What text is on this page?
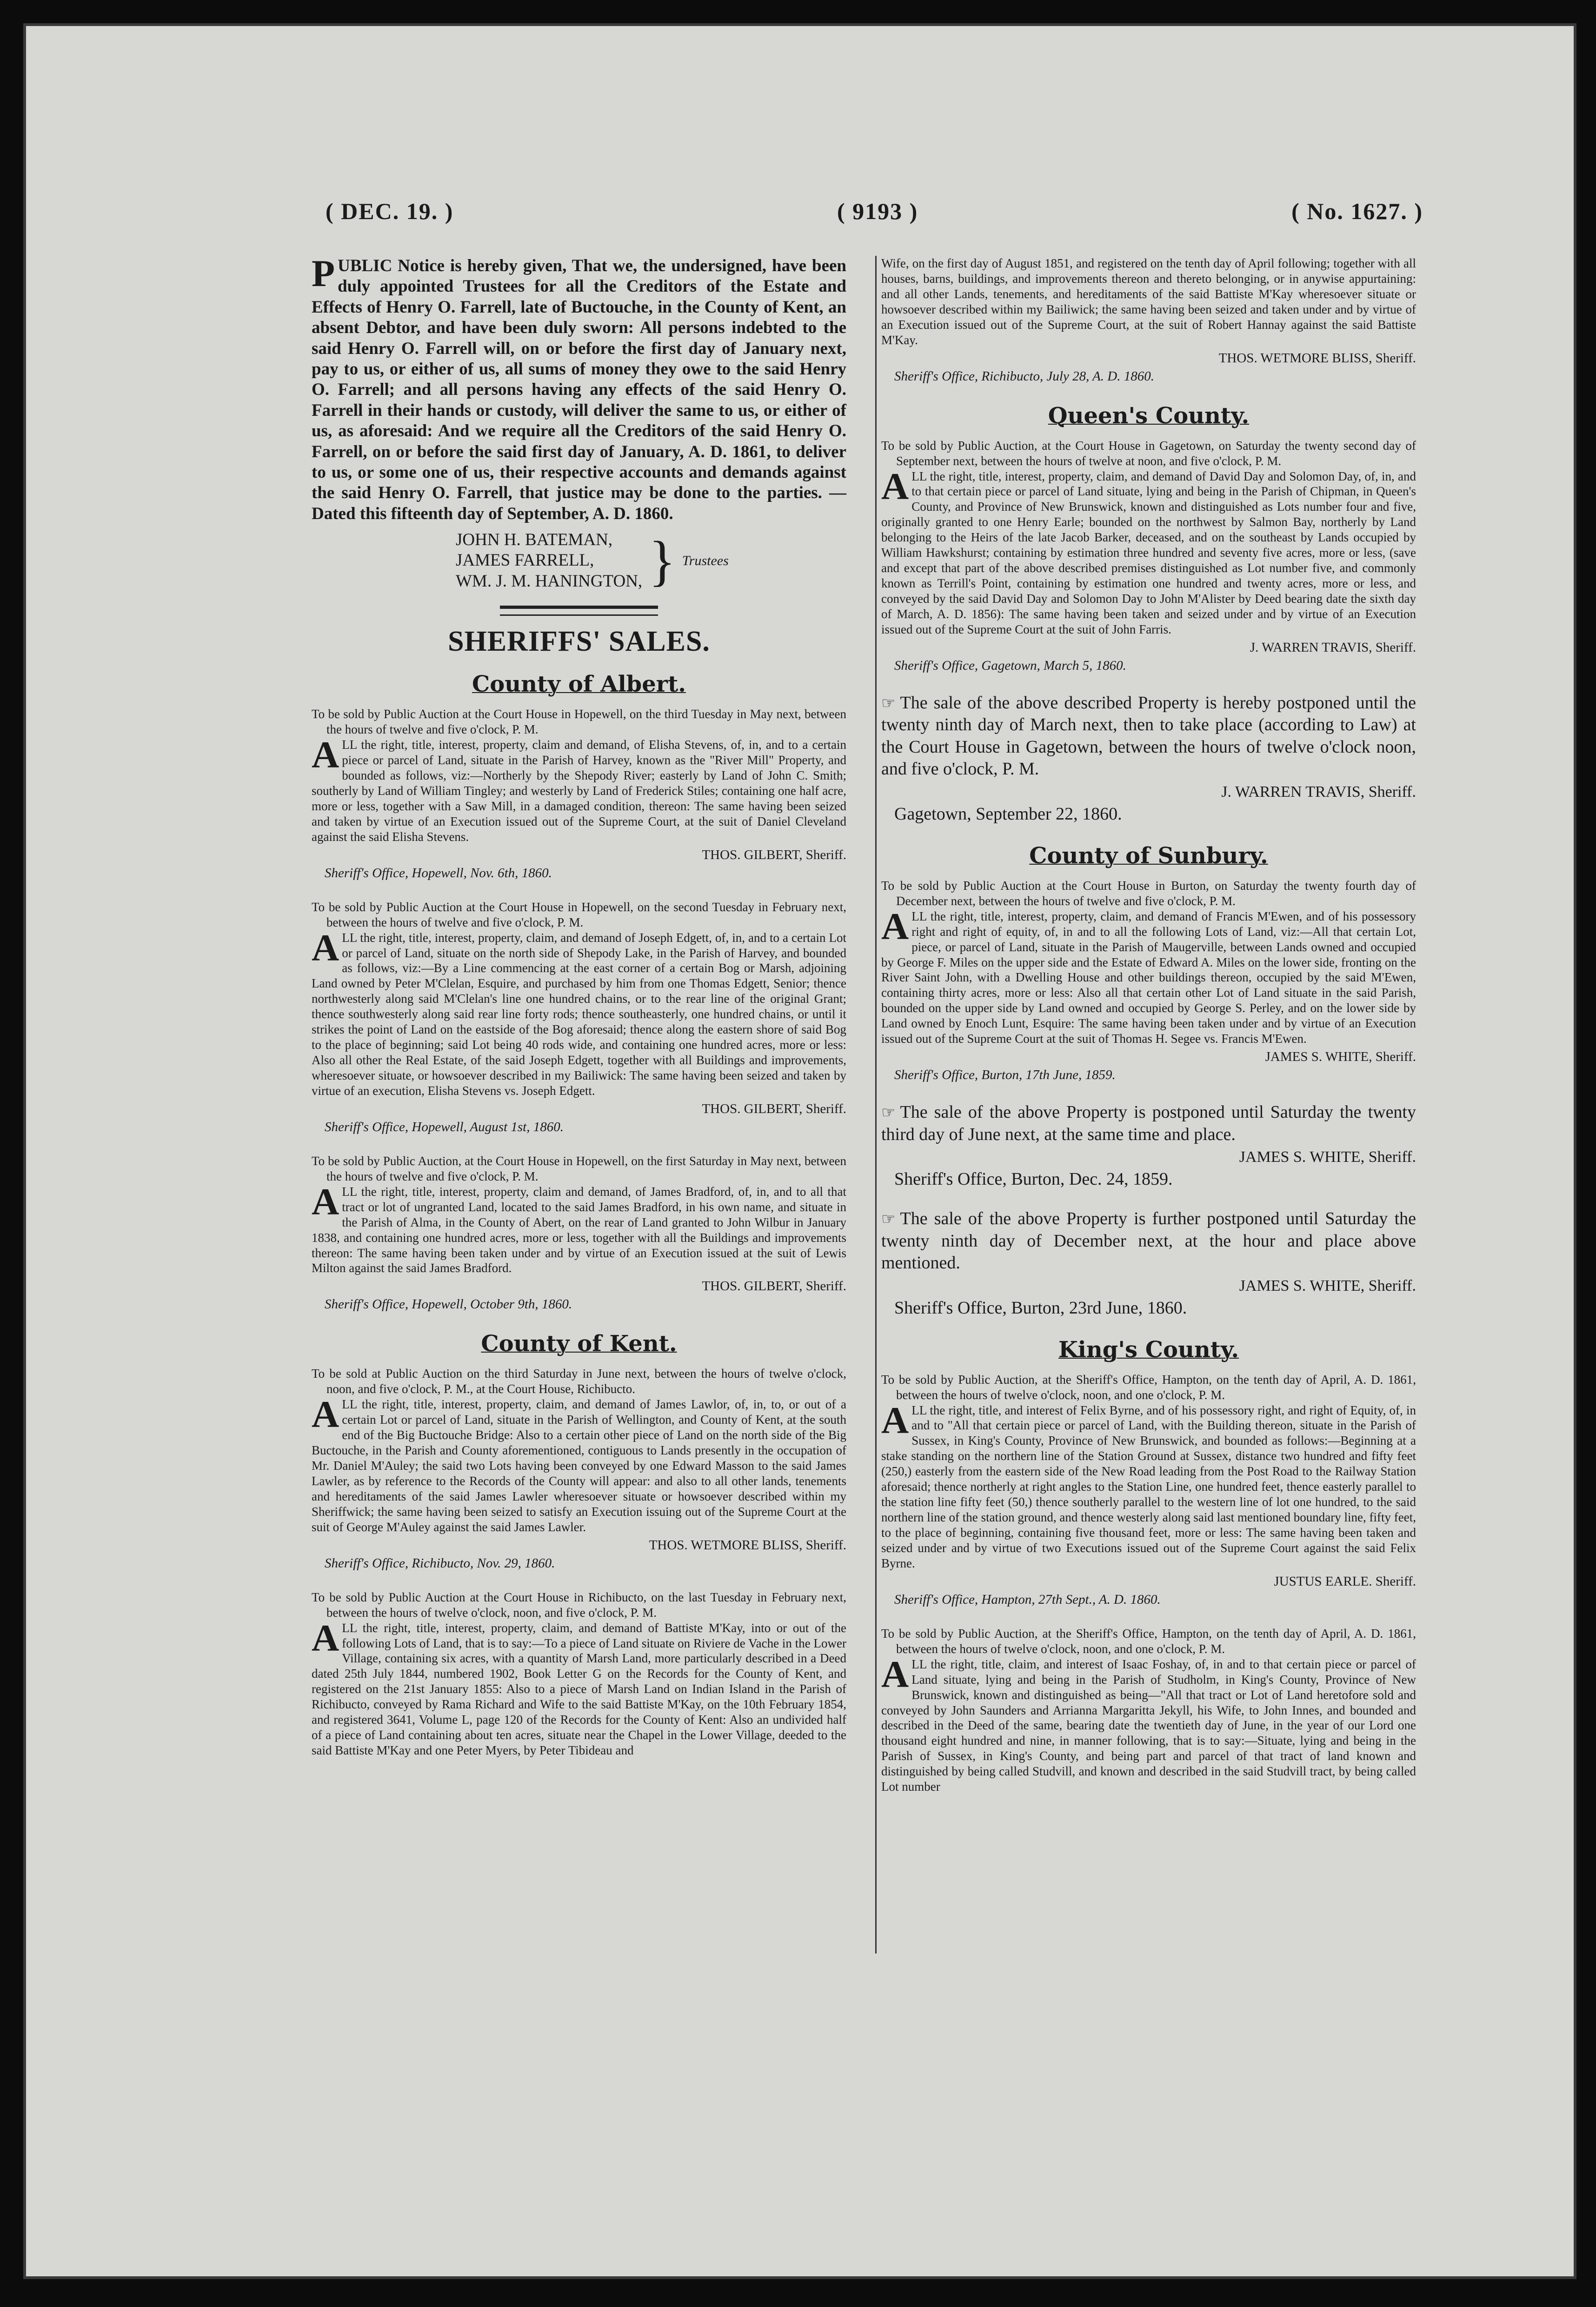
( DEC. 19. )	( 9193 )	( No. 1627. )

P UBLIC Notice is hereby given, That we, the undersigned, have been duly appointed Trustees for all the Creditors of the Estate and Effects of Henry O. Farrell, late of Buctouche, in the County of Kent, an absent Debtor, and have been duly sworn: All persons indebted to the said Henry O. Farrell will, on or before the first day of January next, pay to us, or either of us, all sums of money they owe to the said Henry O. Farrell; and all persons having any effects of the said Henry O. Farrell in their hands or custody, will deliver the same to us, or either of us, as aforesaid: And we require all the Creditors of the said Henry O. Farrell, on or before the said first day of January, A. D. 1861, to deliver to us, or some one of us, their respective accounts and demands against the said Henry O. Farrell, that justice may be done to the parties. —Dated this fifteenth day of September, A. D. 1860.

JOHN H. BATEMAN,
JAMES FARRELL,
WM. J. M. HANINGTON, } Trustees
SHERIFFS' SALES.
County of Albert.

To be sold by Public Auction at the Court House in Hopewell, on the third Tuesday in May next, between the hours of twelve and five o'clock, P. M.

ALL the right, title, interest, property, claim and demand, of Elisha Stevens, of, in, and to a certain piece or parcel of Land, situate in the Parish of Harvey, known as the "River Mill" Property, and bounded as follows, viz:—Northerly by the Shepody River; easterly by Land of John C. Smith; southerly by Land of William Tingley; and westerly by Land of Frederick Stiles; containing one half acre, more or less, together with a Saw Mill, in a damaged condition, thereon: The same having been seized and taken by virtue of an Execution issued out of the Supreme Court, at the suit of Daniel Cleveland against the said Elisha Stevens.

THOS. GILBERT, Sheriff.
Sheriff's Office, Hopewell, Nov. 6th, 1860.

To be sold by Public Auction at the Court House in Hopewell, on the second Tuesday in February next, between the hours of twelve and five o'clock, P. M.

ALL the right, title, interest, property, claim, and demand of Joseph Edgett, of, in, and to a certain Lot or parcel of Land, situate on the north side of Shepody Lake, in the Parish of Harvey, and bounded as follows, viz:—By a Line commencing at the east corner of a certain Bog or Marsh, adjoining Land owned by Peter M'Clelan, Esquire, and purchased by him from one Thomas Edgett, Senior; thence northwesterly along said M'Clelan's line one hundred chains, or to the rear line of the original Grant; thence southwesterly along said rear line forty rods; thence southeasterly, one hundred chains, or until it strikes the point of Land on the eastside of the Bog aforesaid; thence along the eastern shore of said Bog to the place of beginning; said Lot being 40 rods wide, and containing one hundred acres, more or less: Also all other the Real Estate, of the said Joseph Edgett, together with all Buildings and improvements, wheresoever situate, or howsoever described in my Bailiwick: The same having been seized and taken by virtue of an execution, Elisha Stevens vs. Joseph Edgett.

THOS. GILBERT, Sheriff.
Sheriff's Office, Hopewell, August 1st, 1860.

To be sold by Public Auction, at the Court House in Hopewell, on the first Saturday in May next, between the hours of twelve and five o'clock, P. M.

ALL the right, title, interest, property, claim and demand, of James Bradford, of, in, and to all that tract or lot of ungranted Land, located to the said James Bradford, in his own name, and situate in the Parish of Alma, in the County of Abert, on the rear of Land granted to John Wilbur in January 1838, and containing one hundred acres, more or less, together with all the Buildings and improvements thereon: The same having been taken under and by virtue of an Execution issued at the suit of Lewis Milton against the said James Bradford.

THOS. GILBERT, Sheriff.
Sheriff's Office, Hopewell, October 9th, 1860.
County of Kent.

To be sold at Public Auction on the third Saturday in June next, between the hours of twelve o'clock, noon, and five o'clock, P. M., at the Court House, Richibucto.

ALL the right, title, interest, property, claim, and demand of James Lawlor, of, in, to, or out of a certain Lot or parcel of Land, situate in the Parish of Wellington, and County of Kent, at the south end of the Big Buctouche Bridge: Also to a certain other piece of Land on the north side of the Big Buctouche, in the Parish and County aforementioned, contiguous to Lands presently in the occupation of Mr. Daniel M'Auley; the said two Lots having been conveyed by one Edward Masson to the said James Lawler, as by reference to the Records of the County will appear: and also to all other lands, tenements and hereditaments of the said James Lawler wheresoever situate or howsoever described within my Sheriffwick; the same having been seized to satisfy an Execution issuing out of the Supreme Court at the suit of George M'Auley against the said James Lawler.

THOS. WETMORE BLISS, Sheriff.
Sheriff's Office, Richibucto, Nov. 29, 1860.

To be sold by Public Auction at the Court House in Richibucto, on the last Tuesday in February next, between the hours of twelve o'clock, noon, and five o'clock, P. M.

ALL the right, title, interest, property, claim, and demand of Battiste M'Kay, into or out of the following Lots of Land, that is to say:—To a piece of Land situate on Riviere de Vache in the Lower Village, containing six acres, with a quantity of Marsh Land, more particularly described in a Deed dated 25th July 1844, numbered 1902, Book Letter G on the Records for the County of Kent, and registered on the 21st January 1855: Also to a piece of Marsh Land on Indian Island in the Parish of Richibucto, conveyed by Rama Richard and Wife to the said Battiste M'Kay, on the 10th February 1854, and registered 3641, Volume L, page 120 of the Records for the County of Kent: Also an undivided half of a piece of Land containing about ten acres, situate near the Chapel in the Lower Village, deeded to the said Battiste M'Kay and one Peter Myers, by Peter Tibideau and

Wife, on the first day of August 1851, and registered on the tenth day of April following; together with all houses, barns, buildings, and improvements thereon and thereto belonging, or in anywise appurtaining: and all other Lands, tenements, and hereditaments of the said Battiste M'Kay wheresoever situate or howsoever described within my Bailiwick; the same having been seized and taken under and by virtue of an Execution issued out of the Supreme Court, at the suit of Robert Hannay against the said Battiste M'Kay.

THOS. WETMORE BLISS, Sheriff.
Sheriff's Office, Richibucto, July 28, A. D. 1860.
Queen's County.

To be sold by Public Auction, at the Court House in Gagetown, on Saturday the twenty second day of September next, between the hours of twelve at noon, and five o'clock, P. M.

ALL the right, title, interest, property, claim, and demand of David Day and Solomon Day, of, in, and to that certain piece or parcel of Land situate, lying and being in the Parish of Chipman, in Queen's County, and Province of New Brunswick, known and distinguished as Lots number four and five, originally granted to one Henry Earle; bounded on the northwest by Salmon Bay, northerly by Land belonging to the Heirs of the late Jacob Barker, deceased, and on the southeast by Lands occupied by William Hawkshurst; containing by estimation three hundred and seventy five acres, more or less, (save and except that part of the above described premises distinguished as Lot number five, and commonly known as Terrill's Point, containing by estimation one hundred and twenty acres, more or less, and conveyed by the said David Day and Solomon Day to John M'Alister by Deed bearing date the sixth day of March, A. D. 1856): The same having been taken and seized under and by virtue of an Execution issued out of the Supreme Court at the suit of John Farris.

J. WARREN TRAVIS, Sheriff.
Sheriff's Office, Gagetown, March 5, 1860.

☞ The sale of the above described Property is hereby postponed until the twenty ninth day of March next, then to take place (according to Law) at the Court House in Gagetown, between the hours of twelve o'clock noon, and five o'clock, P. M.

J. WARREN TRAVIS, Sheriff.
Gagetown, September 22, 1860.
County of Sunbury.

To be sold by Public Auction at the Court House in Burton, on Saturday the twenty fourth day of December next, between the hours of twelve and five o'clock, P. M.

ALL the right, title, interest, property, claim, and demand of Francis M'Ewen, and of his possessory right and right of equity, of, in and to all the following Lots of Land, viz:—All that certain Lot, piece, or parcel of Land, situate in the Parish of Maugerville, between Lands owned and occupied by George F. Miles on the upper side and the Estate of Edward A. Miles on the lower side, fronting on the River Saint John, with a Dwelling House and other buildings thereon, occupied by the said M'Ewen, containing thirty acres, more or less: Also all that certain other Lot of Land situate in the said Parish, bounded on the upper side by Land owned and occupied by George S. Perley, and on the lower side by Land owned by Enoch Lunt, Esquire: The same having been taken under and by virtue of an Execution issued out of the Supreme Court at the suit of Thomas H. Segee vs. Francis M'Ewen.

JAMES S. WHITE, Sheriff.
Sheriff's Office, Burton, 17th June, 1859.

☞ The sale of the above Property is postponed until Saturday the twenty third day of June next, at the same time and place.

JAMES S. WHITE, Sheriff.
Sheriff's Office, Burton, Dec. 24, 1859.

☞ The sale of the above Property is further postponed until Saturday the twenty ninth day of December next, at the hour and place above mentioned.

JAMES S. WHITE, Sheriff.
Sheriff's Office, Burton, 23rd June, 1860.
King's County.

To be sold by Public Auction, at the Sheriff's Office, Hampton, on the tenth day of April, A. D. 1861, between the hours of twelve o'clock, noon, and one o'clock, P. M.

ALL the right, title, and interest of Felix Byrne, and of his possessory right, and right of Equity, of, in and to "All that certain piece or parcel of Land, with the Building thereon, situate in the Parish of Sussex, in King's County, Province of New Brunswick, and bounded as follows:—Beginning at a stake standing on the northern line of the Station Ground at Sussex, distance two hundred and fifty feet (250,) easterly from the eastern side of the New Road leading from the Post Road to the Railway Station aforesaid; thence northerly at right angles to the Station Line, one hundred feet, thence easterly parallel to the station line fifty feet (50,) thence southerly parallel to the western line of lot one hundred, to the said northern line of the station ground, and thence westerly along said last mentioned boundary line, fifty feet, to the place of beginning, containing five thousand feet, more or less: The same having been taken and seized under and by virtue of two Executions issued out of the Supreme Court against the said Felix Byrne.

JUSTUS EARLE. Sheriff.
Sheriff's Office, Hampton, 27th Sept., A. D. 1860.

To be sold by Public Auction, at the Sheriff's Office, Hampton, on the tenth day of April, A. D. 1861, between the hours of twelve o'clock, noon, and one o'clock, P. M.

ALL the right, title, claim, and interest of Isaac Foshay, of, in and to that certain piece or parcel of Land situate, lying and being in the Parish of Studholm, in King's County, Province of New Brunswick, known and distinguished as being—"All that tract or Lot of Land heretofore sold and conveyed by John Saunders and Arrianna Margaritta Jekyll, his Wife, to John Innes, and bounded and described in the Deed of the same, bearing date the twentieth day of June, in the year of our Lord one thousand eight hundred and nine, in manner following, that is to say:—Situate, lying and being in the Parish of Sussex, in King's County, and being part and parcel of that tract of land known and distinguished by being called Studvill, and known and described in the said Studvill tract, by being called Lot number
